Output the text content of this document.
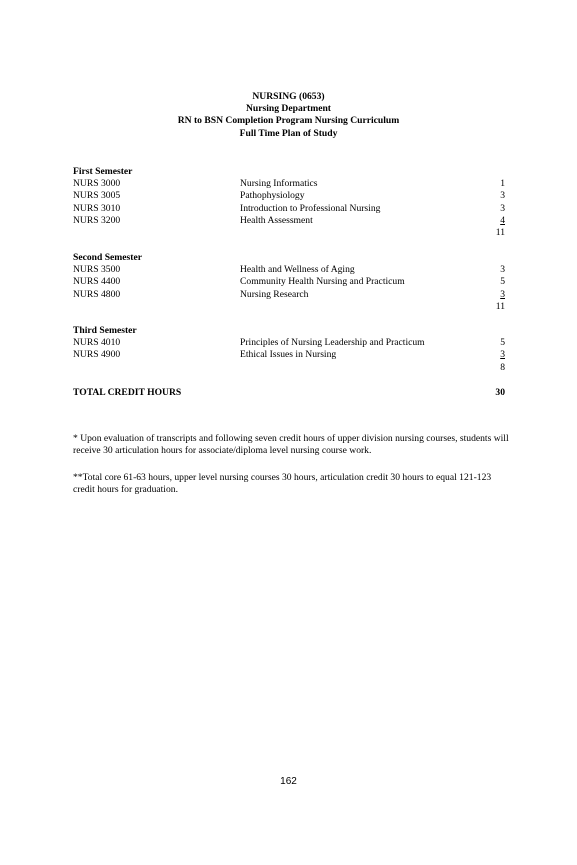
NURSING (0653)
Nursing Department
RN to BSN Completion Program Nursing Curriculum
Full Time Plan of Study
First Semester
NURS 3000	Nursing Informatics	1
NURS 3005	Pathophysiology	3
NURS 3010	Introduction to Professional Nursing	3
NURS 3200	Health Assessment	4
11
Second Semester
NURS 3500	Health and Wellness of Aging	3
NURS 4400	Community Health Nursing and Practicum	5
NURS 4800	Nursing Research	3
11
Third Semester
NURS 4010	Principles of Nursing Leadership and Practicum	5
NURS 4900	Ethical Issues in Nursing	3
8
TOTAL CREDIT HOURS	30
* Upon evaluation of transcripts and following seven credit hours of upper division nursing courses, students will receive 30 articulation hours for associate/diploma level nursing course work.
**Total core 61-63 hours, upper level nursing courses 30 hours, articulation credit 30 hours to equal 121-123 credit hours for graduation.
162
